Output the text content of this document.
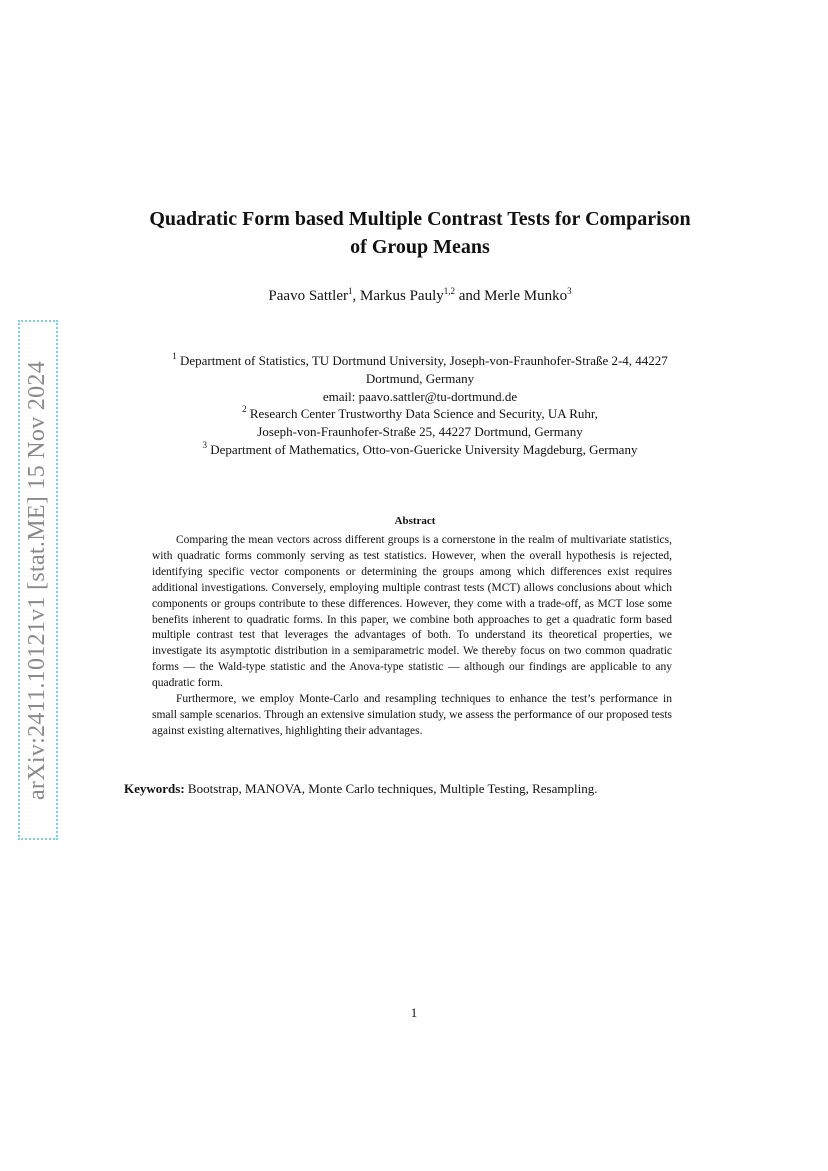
arXiv:2411.10121v1 [stat.ME] 15 Nov 2024
Quadratic Form based Multiple Contrast Tests for Comparison
of Group Means
Paavo Sattler$^1$, Markus Pauly$^{1,2}$ and Merle Munko$^3$
$^1$ Department of Statistics, TU Dortmund University, Joseph-von-Fraunhofer-Straße 2-4, 44227
Dortmund, Germany
email: paavo.sattler@tu-dortmund.de
$^2$ Research Center Trustworthy Data Science and Security, UA Ruhr,
Joseph-von-Fraunhofer-Straße 25, 44227 Dortmund, Germany
$^3$ Department of Mathematics, Otto-von-Guericke University Magdeburg, Germany
Abstract

Comparing the mean vectors across different groups is a cornerstone in the realm of multivariate statistics, with quadratic forms commonly serving as test statistics. However, when the overall hypothesis is rejected, identifying specific vector components or determining the groups among which differences exist requires additional investigations. Conversely, employing multiple contrast tests (MCT) allows conclusions about which components or groups contribute to these differences. However, they come with a trade-off, as MCT lose some benefits inherent to quadratic forms. In this paper, we combine both approaches to get a quadratic form based multiple contrast test that leverages the advantages of both. To understand its theoretical properties, we investigate its asymptotic distribution in a semiparametric model. We thereby focus on two common quadratic forms — the Wald-type statistic and the Anova-type statistic — although our findings are applicable to any quadratic form.

Furthermore, we employ Monte-Carlo and resampling techniques to enhance the test’s performance in small sample scenarios. Through an extensive simulation study, we assess the performance of our proposed tests against existing alternatives, highlighting their advantages.

Keywords: Bootstrap, MANOVA, Monte Carlo techniques, Multiple Testing, Resampling.
1
